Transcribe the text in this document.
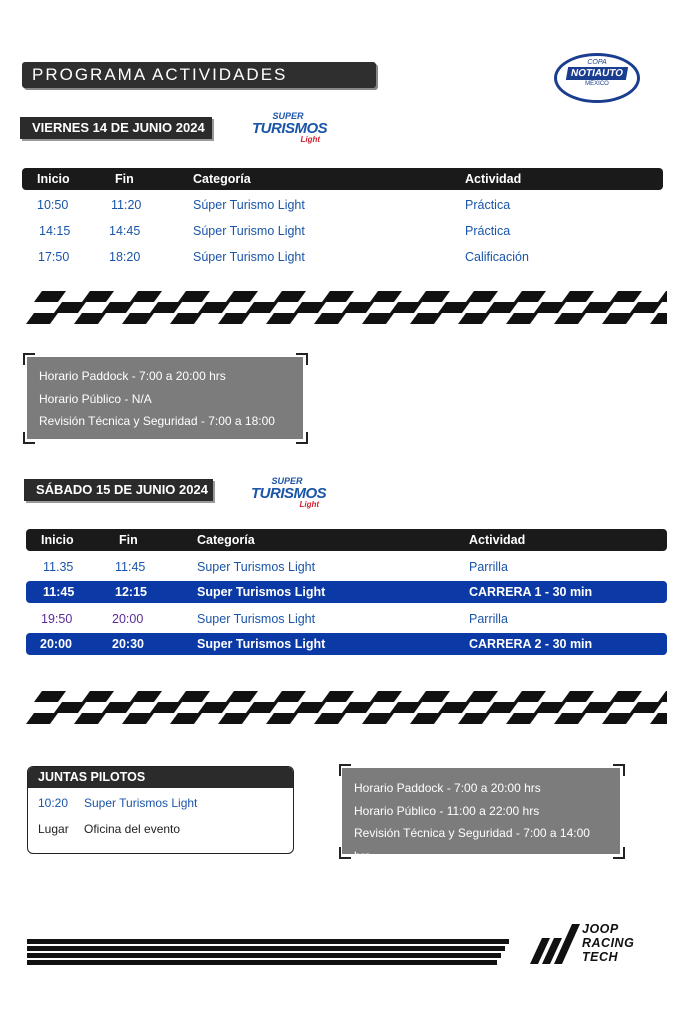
PROGRAMA ACTIVIDADES
COPA
NOTIAUTO
MÉXICO
VIERNES 14 DE JUNIO 2024
SUPER
TURISMOS
Light
Inicio	Fin	Categoría	Actividad
10:50	11:20	Súper Turismo Light	Práctica
14:15	14:45	Súper Turismo Light	Práctica
17:50	18:20	Súper Turismo Light	Calificación
Horario Paddock - 7:00 a 20:00 hrs
Horario Público - N/A
Revisión Técnica y Seguridad - 7:00 a 18:00 hrs
SÁBADO 15 DE JUNIO 2024
SUPER
TURISMOS
Light
Inicio	Fin	Categoría	Actividad
11.35	11:45	Super Turismos Light	Parrilla
11:45	12:15	Super Turismos Light	CARRERA 1 - 30 min
19:50	20:00	Super Turismos Light	Parrilla
20:00	20:30	Super Turismos Light	CARRERA 2 - 30 min
JUNTAS PILOTOS
10:20 Super Turismos Light
Lugar Oficina del evento
Horario Paddock - 7:00 a 20:00 hrs
Horario Público - 11:00 a 22:00 hrs
Revisión Técnica y Seguridad - 7:00 a 14:00 hrs
JOOP
RACING
TECH
